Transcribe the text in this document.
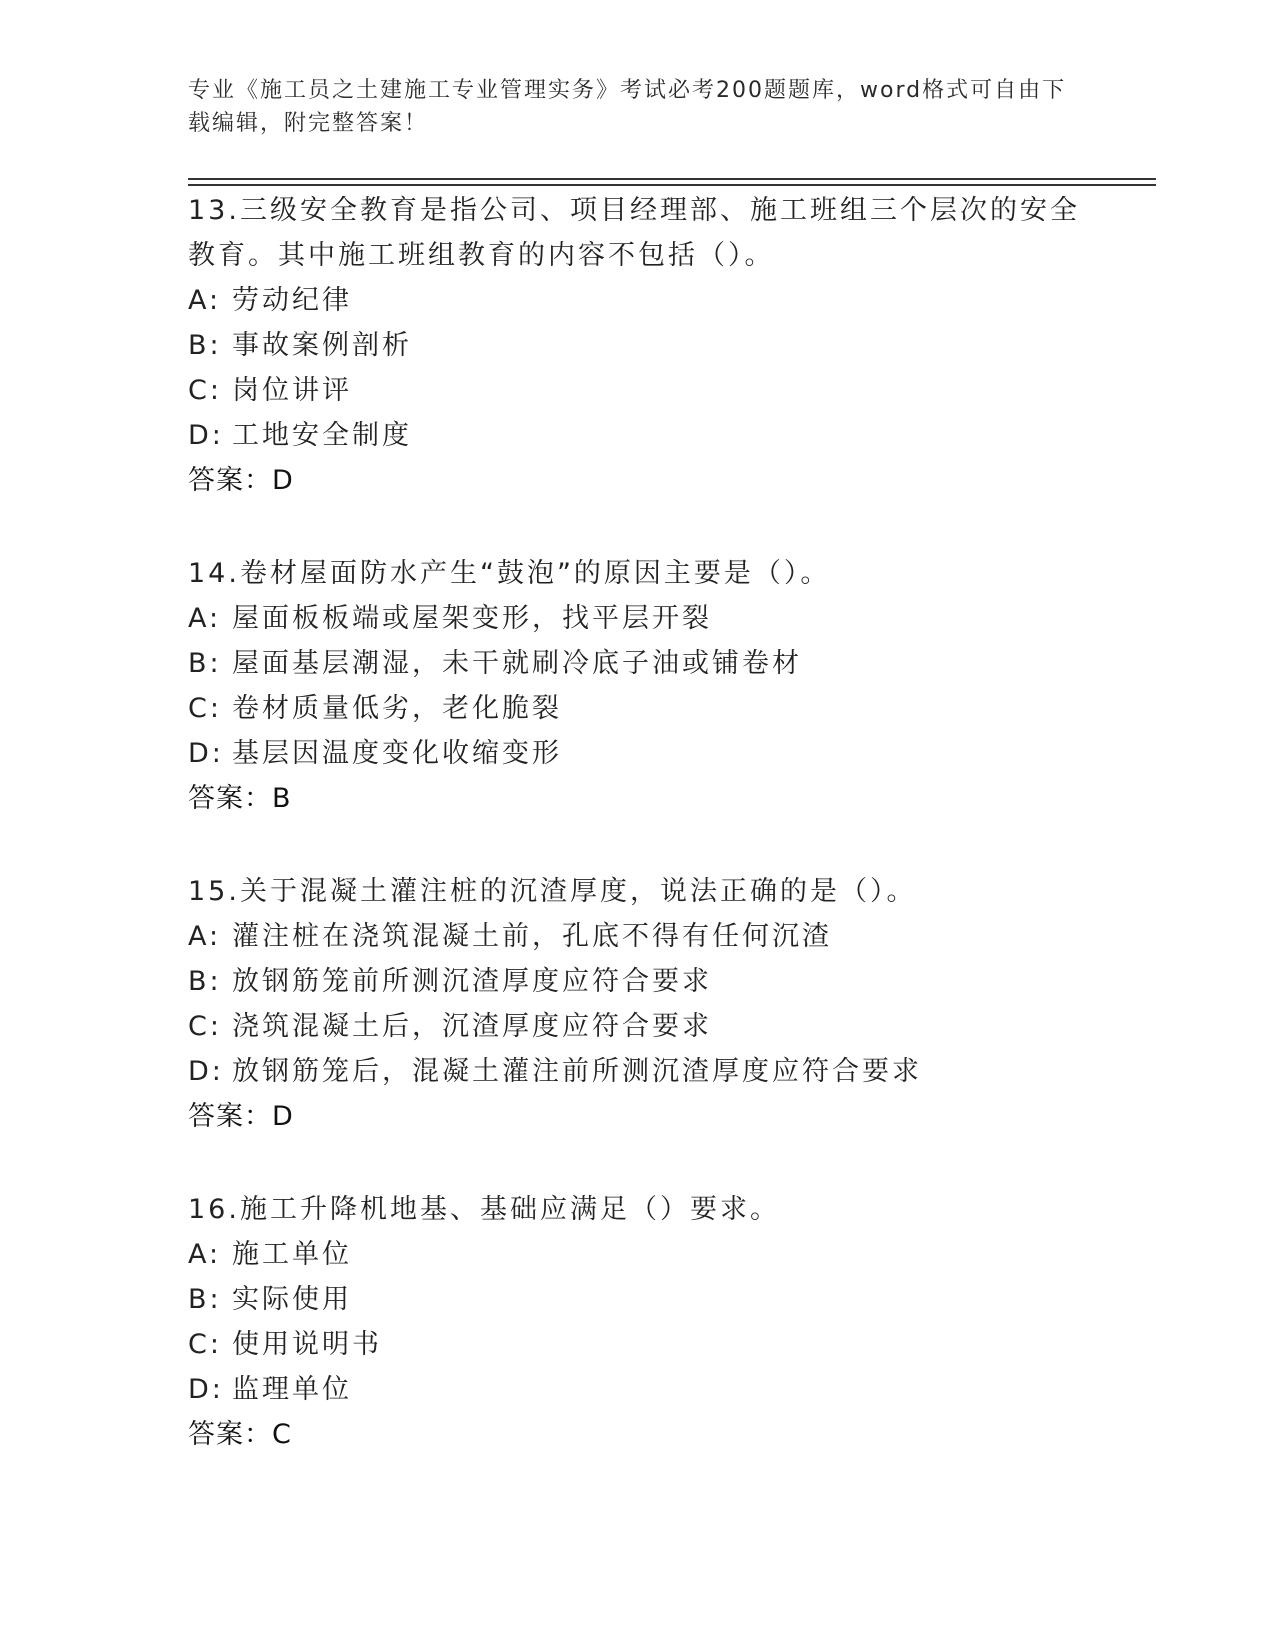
专业《施工员之土建施工专业管理实务》考试必考200题题库，word格式可自由下载编辑，附完整答案！
13.三级安全教育是指公司、项目经理部、施工班组三个层次的安全教育。其中施工班组教育的内容不包括（）。
A: 劳动纪律
B: 事故案例剖析
C: 岗位讲评
D: 工地安全制度
答案：D
14.卷材屋面防水产生“鼓泡”的原因主要是（）。
A: 屋面板板端或屋架变形，找平层开裂
B: 屋面基层潮湿，未干就刷冷底子油或铺卷材
C: 卷材质量低劣，老化脆裂
D: 基层因温度变化收缩变形
答案：B
15.关于混凝土灌注桩的沉渣厚度，说法正确的是（）。
A: 灌注桩在浇筑混凝土前，孔底不得有任何沉渣
B: 放钢筋笼前所测沉渣厚度应符合要求
C: 浇筑混凝土后，沉渣厚度应符合要求
D: 放钢筋笼后，混凝土灌注前所测沉渣厚度应符合要求
答案：D
16.施工升降机地基、基础应满足（）要求。
A: 施工单位
B: 实际使用
C: 使用说明书
D: 监理单位
答案：C
